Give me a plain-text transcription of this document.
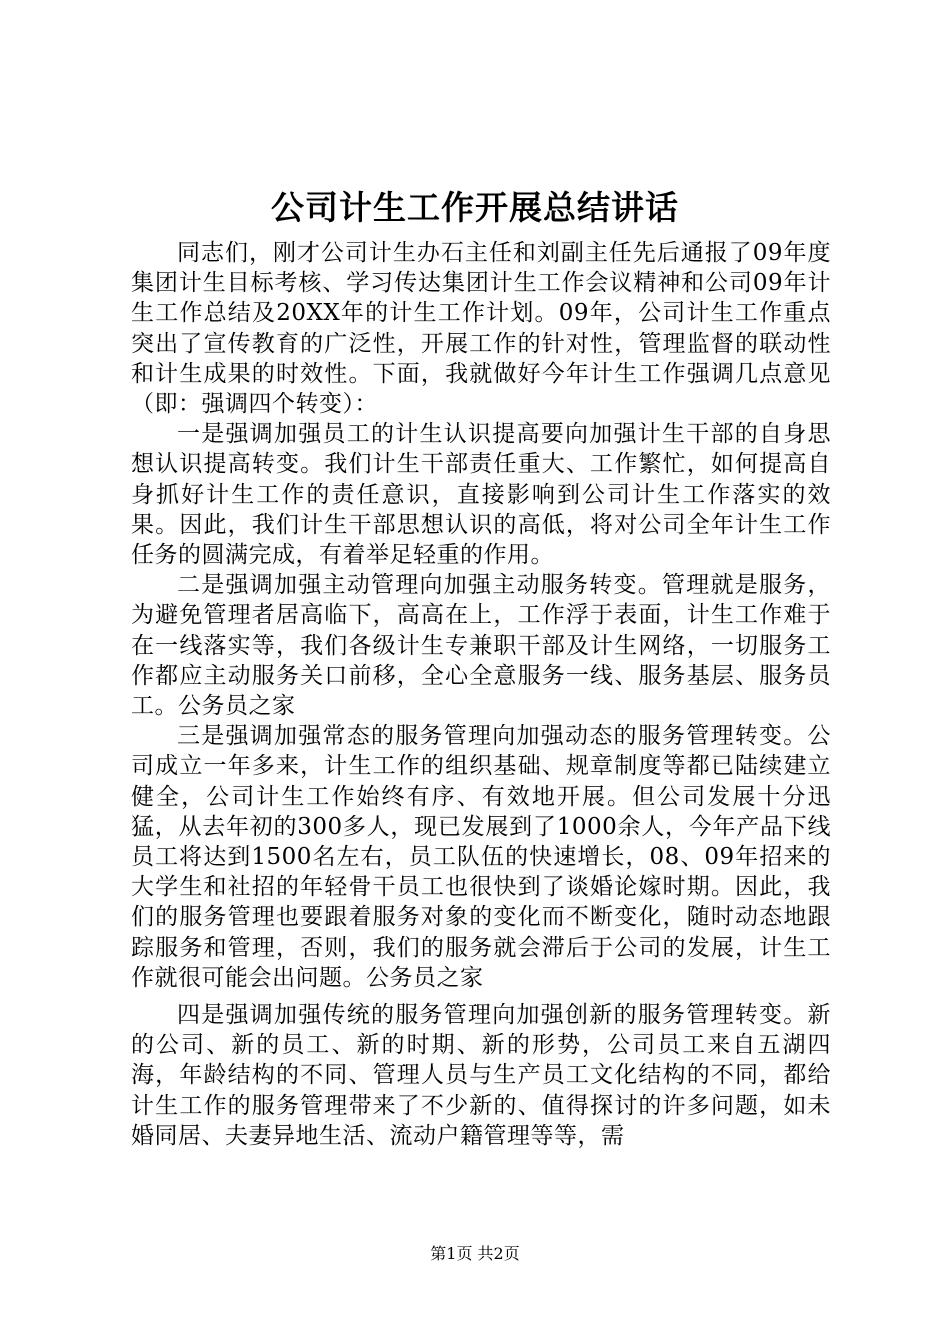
公司计生工作开展总结讲话

同志们，刚才公司计生办石主任和刘副主任先后通报了09年度集团计生目标考核、学习传达集团计生工作会议精神和公司09年计生工作总结及20XX年的计生工作计划。09年，公司计生工作重点突出了宣传教育的广泛性，开展工作的针对性，管理监督的联动性和计生成果的时效性。下面，我就做好今年计生工作强调几点意见（即：强调四个转变）：

一是强调加强员工的计生认识提高要向加强计生干部的自身思想认识提高转变。我们计生干部责任重大、工作繁忙，如何提高自身抓好计生工作的责任意识，直接影响到公司计生工作落实的效果。因此，我们计生干部思想认识的高低，将对公司全年计生工作任务的圆满完成，有着举足轻重的作用。

二是强调加强主动管理向加强主动服务转变。管理就是服务，为避免管理者居高临下，高高在上，工作浮于表面，计生工作难于在一线落实等，我们各级计生专兼职干部及计生网络，一切服务工作都应主动服务关口前移，全心全意服务一线、服务基层、服务员工。公务员之家

三是强调加强常态的服务管理向加强动态的服务管理转变。公司成立一年多来，计生工作的组织基础、规章制度等都已陆续建立健全，公司计生工作始终有序、有效地开展。但公司发展十分迅猛，从去年初的300多人，现已发展到了1000余人，今年产品下线员工将达到1500名左右，员工队伍的快速增长，08、09年招来的大学生和社招的年轻骨干员工也很快到了谈婚论嫁时期。因此，我们的服务管理也要跟着服务对象的变化而不断变化，随时动态地跟踪服务和管理，否则，我们的服务就会滞后于公司的发展，计生工作就很可能会出问题。公务员之家

四是强调加强传统的服务管理向加强创新的服务管理转变。新的公司、新的员工、新的时期、新的形势，公司员工来自五湖四海，年龄结构的不同、管理人员与生产员工文化结构的不同，都给计生工作的服务管理带来了不少新的、值得探讨的许多问题，如未婚同居、夫妻异地生活、流动户籍管理等等，需

第1页 共2页
